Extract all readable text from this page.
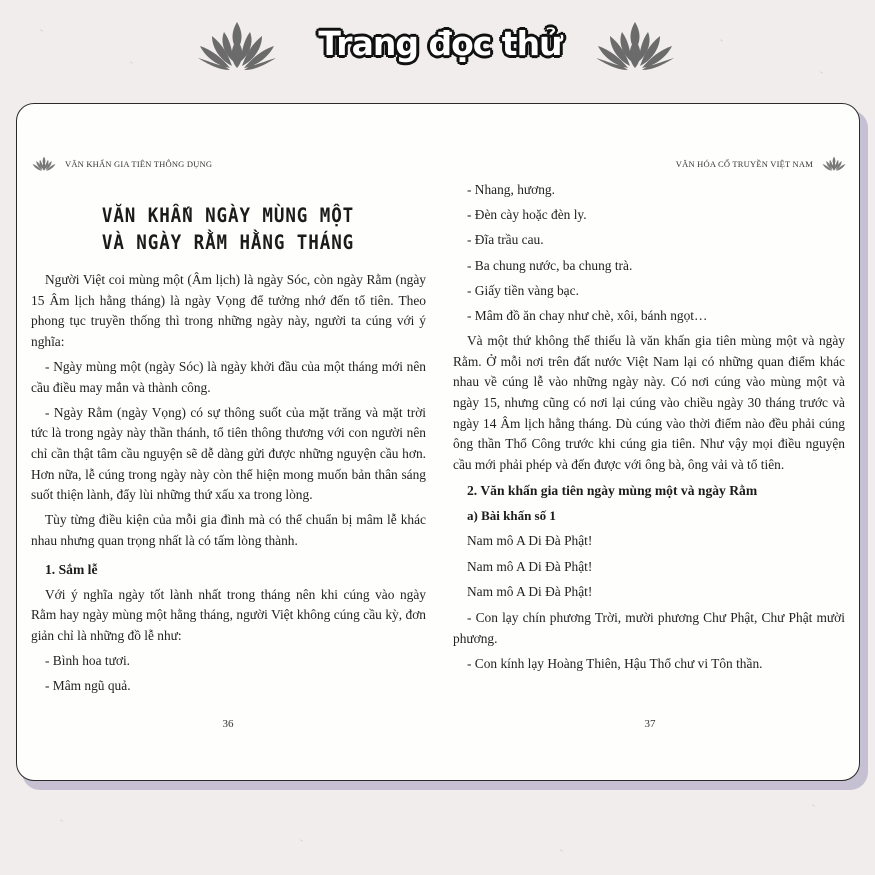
Trang đọc thử
VĂN KHẤN GIA TIÊN THÔNG DỤNG
VĂN KHẤN NGÀY MÙNG MỘT
VÀ NGÀY RẰM HẰNG THÁNG

Người Việt coi mùng một (Âm lịch) là ngày Sóc, còn ngày Rằm (ngày 15 Âm lịch hằng tháng) là ngày Vọng để tưởng nhớ đến tổ tiên. Theo phong tục truyền thống thì trong những ngày này, người ta cúng với ý nghĩa:

- Ngày mùng một (ngày Sóc) là ngày khởi đầu của một tháng mới nên cầu điều may mắn và thành công.

- Ngày Rằm (ngày Vọng) có sự thông suốt của mặt trăng và mặt trời tức là trong ngày này thần thánh, tổ tiên thông thương với con người nên chỉ cần thật tâm cầu nguyện sẽ dễ dàng gửi được những nguyện cầu hơn. Hơn nữa, lễ cúng trong ngày này còn thể hiện mong muốn bản thân sáng suốt thiện lành, đẩy lùi những thứ xấu xa trong lòng.

Tùy từng điều kiện của mỗi gia đình mà có thể chuẩn bị mâm lễ khác nhau nhưng quan trọng nhất là có tấm lòng thành.

1. Sắm lễ

Với ý nghĩa ngày tốt lành nhất trong tháng nên khi cúng vào ngày Rằm hay ngày mùng một hằng tháng, người Việt không cúng cầu kỳ, đơn giản chỉ là những đồ lễ như:

- Bình hoa tươi.

- Mâm ngũ quả.

36
VĂN HÓA CỔ TRUYỀN VIỆT NAM

- Nhang, hương.

- Đèn cày hoặc đèn ly.

- Đĩa trầu cau.

- Ba chung nước, ba chung trà.

- Giấy tiền vàng bạc.

- Mâm đồ ăn chay như chè, xôi, bánh ngọt…

Và một thứ không thể thiếu là văn khấn gia tiên mùng một và ngày Rằm. Ở mỗi nơi trên đất nước Việt Nam lại có những quan điểm khác nhau về cúng lễ vào những ngày này. Có nơi cúng vào mùng một và ngày 15, nhưng cũng có nơi lại cúng vào chiều ngày 30 tháng trước và ngày 14 Âm lịch hằng tháng. Dù cúng vào thời điểm nào đều phải cúng ông thần Thổ Công trước khi cúng gia tiên. Như vậy mọi điều nguyện cầu mới phải phép và đến được với ông bà, ông vải và tổ tiên.

2. Văn khấn gia tiên ngày mùng một và ngày Rằm
a) Bài khấn số 1

Nam mô A Di Đà Phật!

Nam mô A Di Đà Phật!

Nam mô A Di Đà Phật!

- Con lạy chín phương Trời, mười phương Chư Phật, Chư Phật mười phương.

- Con kính lạy Hoàng Thiên, Hậu Thổ chư vi Tôn thần.

37
